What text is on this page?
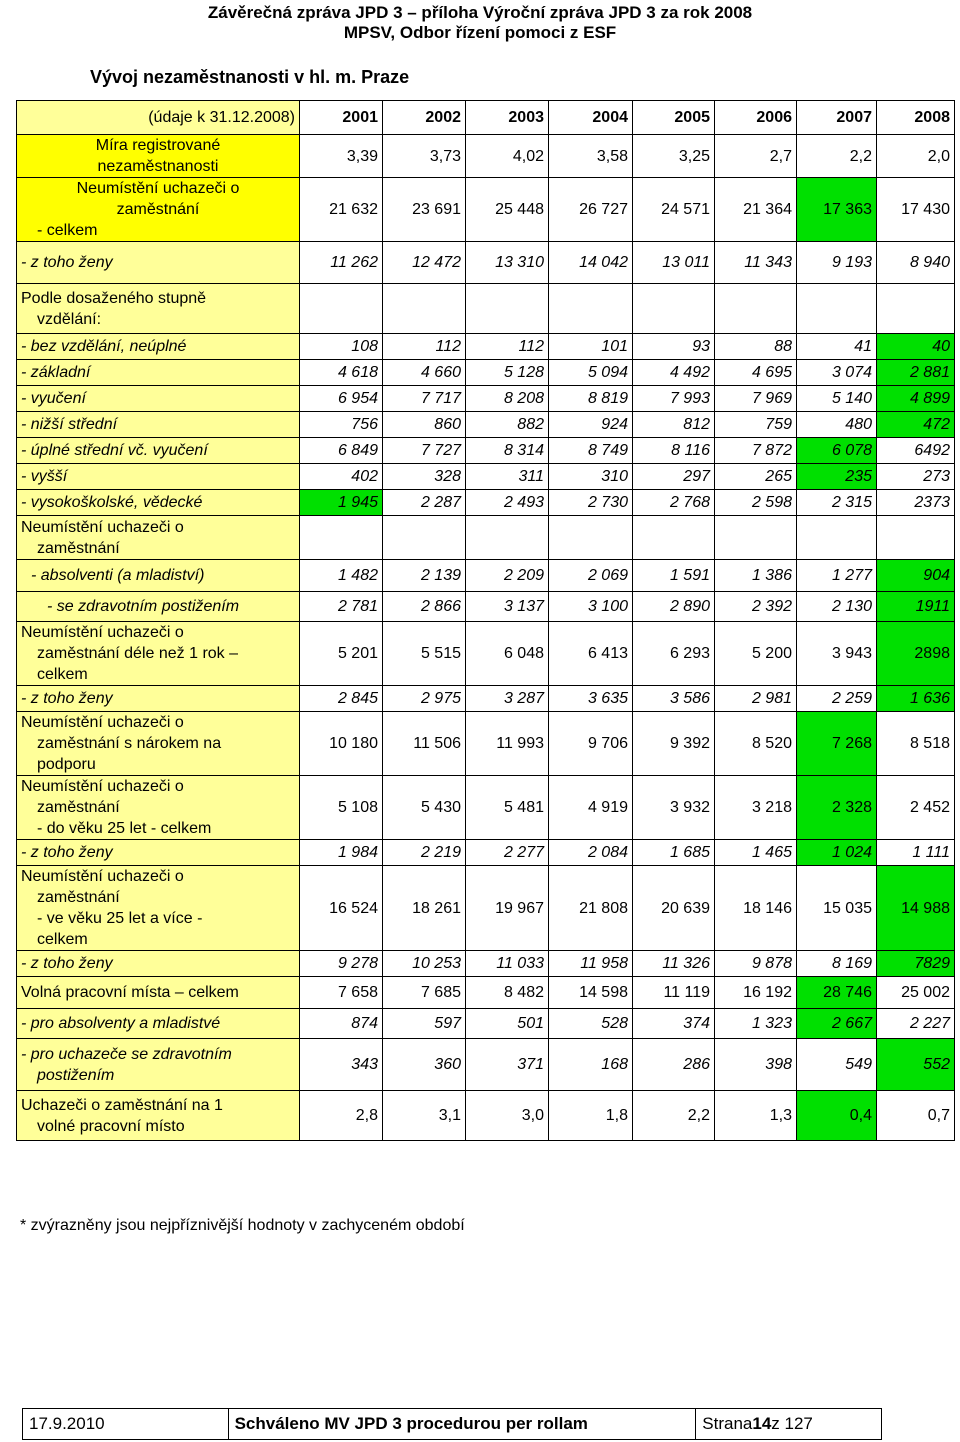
Závěrečná zpráva JPD 3 – příloha Výroční zpráva JPD 3 za rok 2008
MPSV, Odbor řízení pomoci z ESF
Vývoj nezaměstnanosti v hl. m. Praze
(údaje k 31.12.2008)	2001	2002	2003	2004	2005	2006	2007	2008

Míra registrované
nezaměstnanosti	3,39	3,73	4,02	3,58	3,25	2,7	2,2	2,0

Neumístění uchazeči o
zaměstnání
- celkem	21 632	23 691	25 448	26 727	24 571	21 364	17 363	17 430

- z toho ženy	11 262	12 472	13 310	14 042	13 011	11 343	9 193	8 940

Podle dosaženého stupně
vzdělání:								

- bez vzdělání, neúplné	108	112	112	101	93	88	41	40

- základní	4 618	4 660	5 128	5 094	4 492	4 695	3 074	2 881

- vyučení	6 954	7 717	8 208	8 819	7 993	7 969	5 140	4 899

- nižší střední	756	860	882	924	812	759	480	472

- úplné střední vč. vyučení	6 849	7 727	8 314	8 749	8 116	7 872	6 078	6492

- vyšší	402	328	311	310	297	265	235	273

- vysokoškolské, vědecké	1 945	2 287	2 493	2 730	2 768	2 598	2 315	2373

Neumístění uchazeči o
zaměstnání								

- absolventi (a mladiství)	1 482	2 139	2 209	2 069	1 591	1 386	1 277	904

- se zdravotním postižením	2 781	2 866	3 137	3 100	2 890	2 392	2 130	1911

Neumístění uchazeči o
zaměstnání déle než 1 rok –
celkem	5 201	5 515	6 048	6 413	6 293	5 200	3 943	2898

- z toho ženy	2 845	2 975	3 287	3 635	3 586	2 981	2 259	1 636

Neumístění uchazeči o
zaměstnání s nárokem na
podporu	10 180	11 506	11 993	9 706	9 392	8 520	7 268	8 518

Neumístění uchazeči o
zaměstnání
- do věku 25 let - celkem	5 108	5 430	5 481	4 919	3 932	3 218	2 328	2 452

- z toho ženy	1 984	2 219	2 277	2 084	1 685	1 465	1 024	1 111

Neumístění uchazeči o
zaměstnání
- ve věku 25 let a více -
celkem	16 524	18 261	19 967	21 808	20 639	18 146	15 035	14 988

- z toho ženy	9 278	10 253	11 033	11 958	11 326	9 878	8 169	7829

Volná pracovní místa – celkem	7 658	7 685	8 482	14 598	11 119	16 192	28 746	25 002

- pro absolventy a mladistvé	874	597	501	528	374	1 323	2 667	2 227

- pro uchazeče se zdravotním
postižením	343	360	371	168	286	398	549	552

Uchazeči o zaměstnání na 1
volné pracovní místo	2,8	3,1	3,0	1,8	2,2	1,3	0,4	0,7
* zvýrazněny jsou nejpříznivější hodnoty v zachyceném období
17.9.2010	Schváleno MV JPD 3 procedurou per rollam	Strana 14 z 127
